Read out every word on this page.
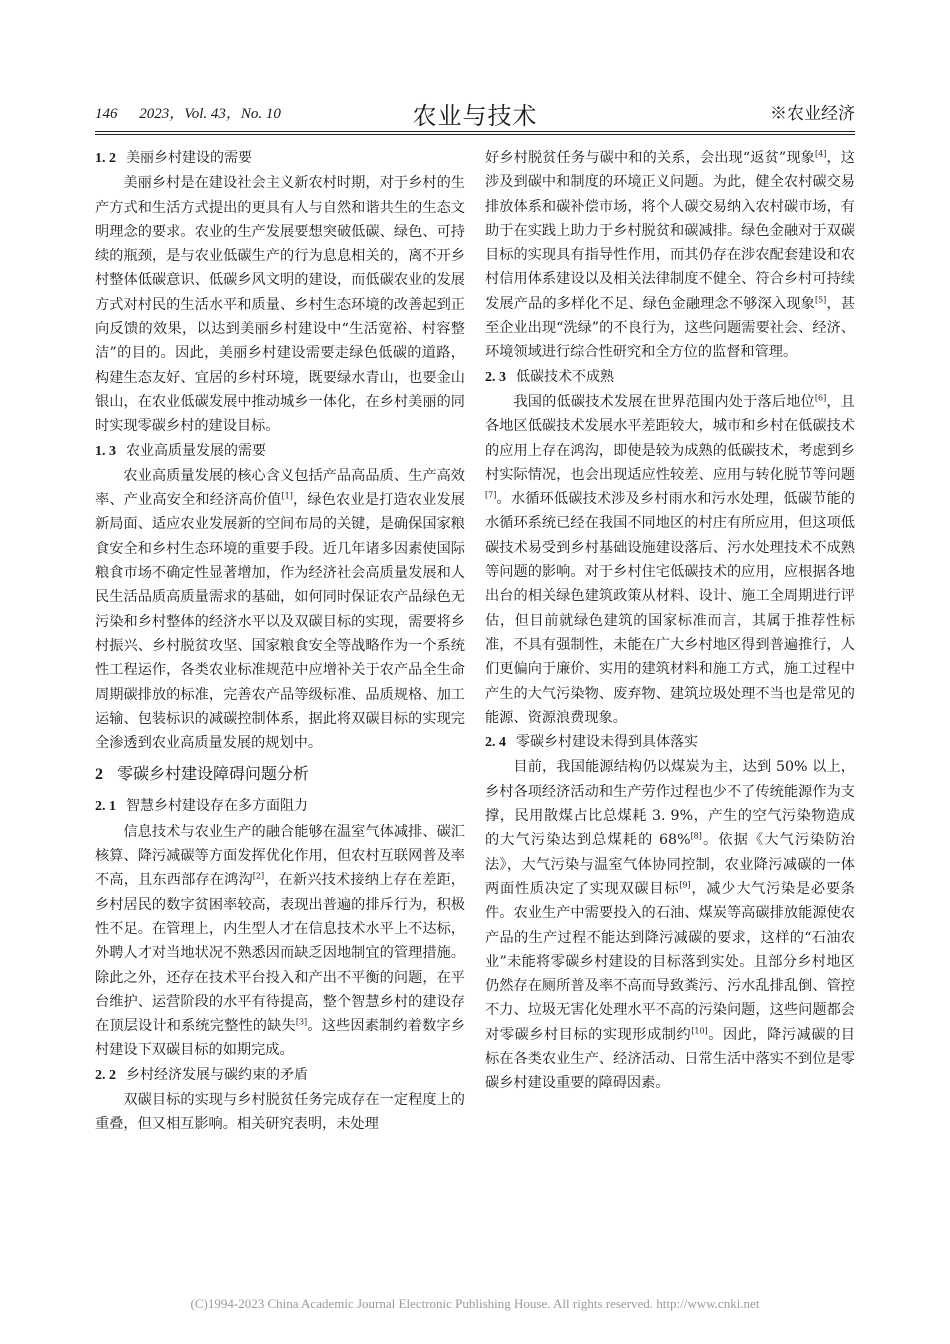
146 2023，Vol. 43，No. 10	农业与技术	※农业经济
1. 2 美丽乡村建设的需要

美丽乡村是在建设社会主义新农村时期，对于乡村的生产方式和生活方式提出的更具有人与自然和谐共生的生态文明理念的要求。农业的生产发展要想突破低碳、绿色、可持续的瓶颈，是与农业低碳生产的行为息息相关的，离不开乡村整体低碳意识、低碳乡风文明的建设，而低碳农业的发展方式对村民的生活水平和质量、乡村生态环境的改善起到正向反馈的效果，以达到美丽乡村建设中“生活宽裕、村容整洁”的目的。因此，美丽乡村建设需要走绿色低碳的道路，构建生态友好、宜居的乡村环境，既要绿水青山，也要金山银山，在农业低碳发展中推动城乡一体化，在乡村美丽的同时实现零碳乡村的建设目标。

1. 3 农业高质量发展的需要

农业高质量发展的核心含义包括产品高品质、生产高效率、产业高安全和经济高价值[1]，绿色农业是打造农业发展新局面、适应农业发展新的空间布局的关键，是确保国家粮食安全和乡村生态环境的重要手段。近几年诸多因素使国际粮食市场不确定性显著增加，作为经济社会高质量发展和人民生活品质高质量需求的基础，如何同时保证农产品绿色无污染和乡村整体的经济水平以及双碳目标的实现，需要将乡村振兴、乡村脱贫攻坚、国家粮食安全等战略作为一个系统性工程运作，各类农业标准规范中应增补关于农产品全生命周期碳排放的标准，完善农产品等级标准、品质规格、加工运输、包装标识的减碳控制体系，据此将双碳目标的实现完全渗透到农业高质量发展的规划中。

2 零碳乡村建设障碍问题分析
2. 1 智慧乡村建设存在多方面阻力

信息技术与农业生产的融合能够在温室气体减排、碳汇核算、降污减碳等方面发挥优化作用，但农村互联网普及率不高，且东西部存在鸿沟[2]，在新兴技术接纳上存在差距，乡村居民的数字贫困率较高，表现出普遍的排斥行为，积极性不足。在管理上，内生型人才在信息技术水平上不达标，外聘人才对当地状况不熟悉因而缺乏因地制宜的管理措施。除此之外，还存在技术平台投入和产出不平衡的问题，在平台维护、运营阶段的水平有待提高，整个智慧乡村的建设存在顶层设计和系统完整性的缺失[3]。这些因素制约着数字乡村建设下双碳目标的如期完成。

2. 2 乡村经济发展与碳约束的矛盾

双碳目标的实现与乡村脱贫任务完成存在一定程度上的重叠，但又相互影响。相关研究表明，未处理

好乡村脱贫任务与碳中和的关系，会出现“返贫”现象[4]，这涉及到碳中和制度的环境正义问题。为此，健全农村碳交易排放体系和碳补偿市场，将个人碳交易纳入农村碳市场，有助于在实践上助力于乡村脱贫和碳减排。绿色金融对于双碳目标的实现具有指导性作用，而其仍存在涉农配套建设和农村信用体系建设以及相关法律制度不健全、符合乡村可持续发展产品的多样化不足、绿色金融理念不够深入现象[5]，甚至企业出现“洗绿”的不良行为，这些问题需要社会、经济、环境领域进行综合性研究和全方位的监督和管理。

2. 3 低碳技术不成熟

我国的低碳技术发展在世界范围内处于落后地位[6]，且各地区低碳技术发展水平差距较大，城市和乡村在低碳技术的应用上存在鸿沟，即使是较为成熟的低碳技术，考虑到乡村实际情况，也会出现适应性较差、应用与转化脱节等问题[7]。水循环低碳技术涉及乡村雨水和污水处理，低碳节能的水循环系统已经在我国不同地区的村庄有所应用，但这项低碳技术易受到乡村基础设施建设落后、污水处理技术不成熟等问题的影响。对于乡村住宅低碳技术的应用，应根据各地出台的相关绿色建筑政策从材料、设计、施工全周期进行评估，但目前就绿色建筑的国家标准而言，其属于推荐性标准，不具有强制性，未能在广大乡村地区得到普遍推行，人们更偏向于廉价、实用的建筑材料和施工方式，施工过程中产生的大气污染物、废弃物、建筑垃圾处理不当也是常见的能源、资源浪费现象。

2. 4 零碳乡村建设未得到具体落实

目前，我国能源结构仍以煤炭为主，达到 50% 以上，乡村各项经济活动和生产劳作过程也少不了传统能源作为支撑，民用散煤占比总煤耗 3. 9%，产生的空气污染物造成的大气污染达到总煤耗的 68%[8]。依据《大气污染防治法》，大气污染与温室气体协同控制，农业降污减碳的一体两面性质决定了实现双碳目标[9]，减少大气污染是必要条件。农业生产中需要投入的石油、煤炭等高碳排放能源使农产品的生产过程不能达到降污减碳的要求，这样的“石油农业”未能将零碳乡村建设的目标落到实处。且部分乡村地区仍然存在厕所普及率不高而导致粪污、污水乱排乱倒、管控不力、垃圾无害化处理水平不高的污染问题，这些问题都会对零碳乡村目标的实现形成制约[10]。因此，降污减碳的目标在各类农业生产、经济活动、日常生活中落实不到位是零碳乡村建设重要的障碍因素。

(C)1994-2023 China Academic Journal Electronic Publishing House. All rights reserved. http://www.cnki.net
